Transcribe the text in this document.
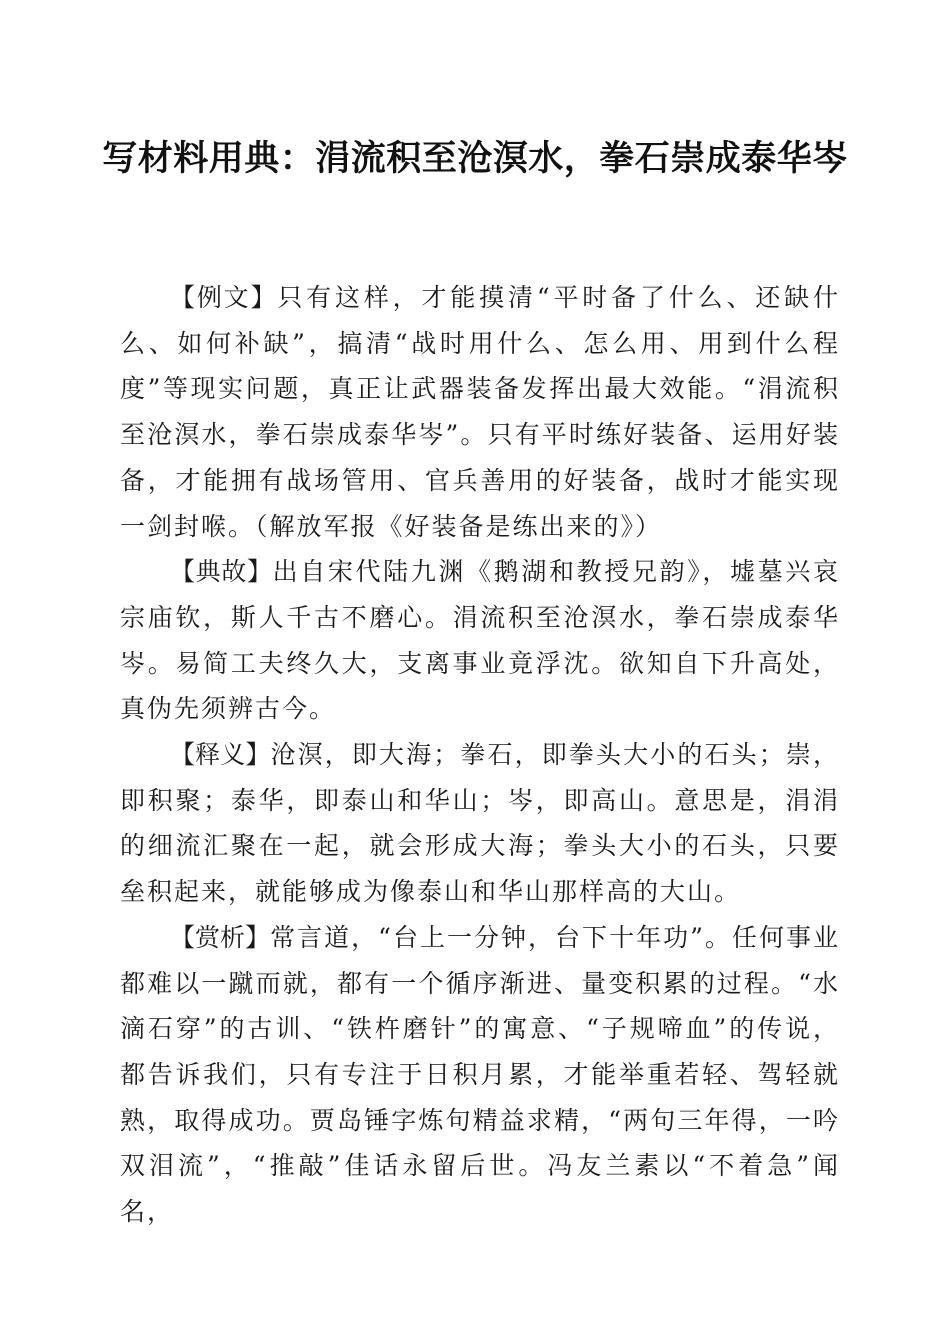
写材料用典：涓流积至沧溟水，拳石崇成泰华岑

【例文】只有这样，才能摸清“平时备了什么、还缺什么、如何补缺”，搞清“战时用什么、怎么用、用到什么程度”等现实问题，真正让武器装备发挥出最大效能。“涓流积至沧溟水，拳石崇成泰华岑”。只有平时练好装备、运用好装备，才能拥有战场管用、官兵善用的好装备，战时才能实现一剑封喉。（解放军报《好装备是练出来的》）

【典故】出自宋代陆九渊《鹅湖和教授兄韵》，墟墓兴哀宗庙钦，斯人千古不磨心。涓流积至沧溟水，拳石崇成泰华岑。易简工夫终久大，支离事业竟浮沈。欲知自下升高处，真伪先须辨古今。

【释义】沧溟，即大海；拳石，即拳头大小的石头；崇，即积聚；泰华，即泰山和华山；岑，即高山。意思是，涓涓的细流汇聚在一起，就会形成大海；拳头大小的石头，只要垒积起来，就能够成为像泰山和华山那样高的大山。

【赏析】常言道，“台上一分钟，台下十年功”。任何事业都难以一蹴而就，都有一个循序渐进、量变积累的过程。“水滴石穿”的古训、“铁杵磨针”的寓意、“子规啼血”的传说，都告诉我们，只有专注于日积月累，才能举重若轻、驾轻就熟，取得成功。贾岛锤字炼句精益求精，“两句三年得，一吟双泪流”，“推敲”佳话永留后世。冯友兰素以“不着急”闻名，
